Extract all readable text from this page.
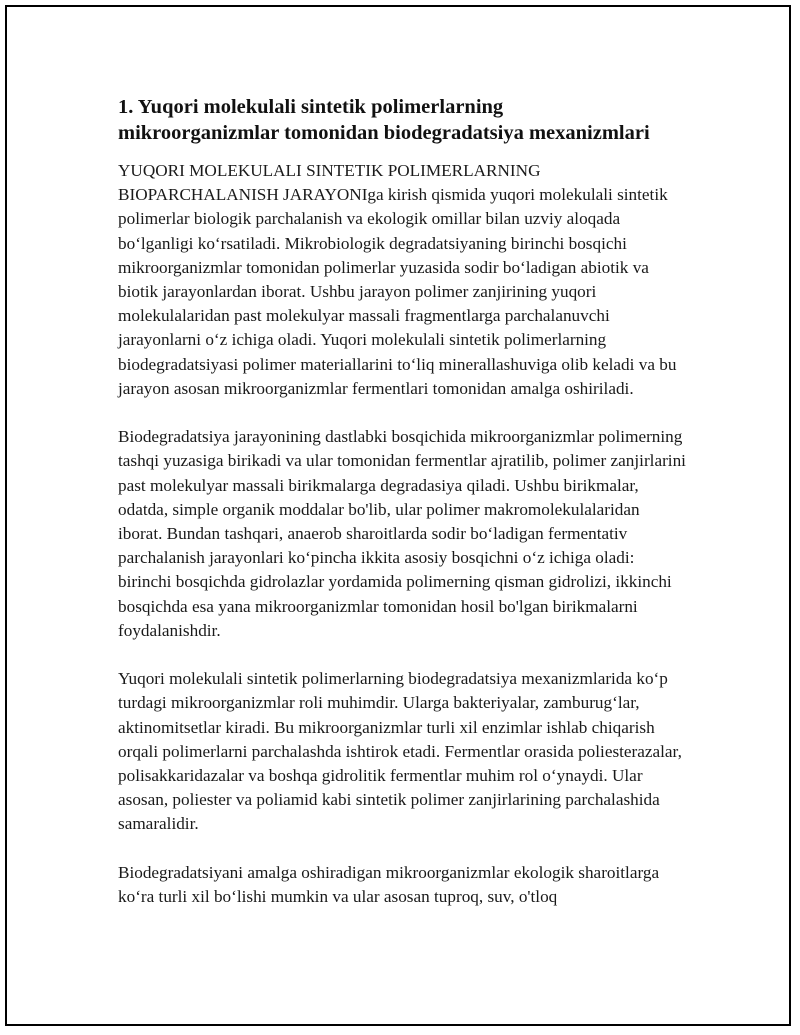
1. Yuqori molekulali sintetik polimerlarning
mikroorganizmlar tomonidan biodegradatsiya mexanizmlari

YUQORI MOLEKULALI SINTETIK POLIMERLARNING BIOPARCHALANISH JARAYONIga kirish qismida yuqori molekulali sintetik polimerlar biologik parchalanish va ekologik omillar bilan uzviy aloqada bo‘lganligi ko‘rsatiladi. Mikrobiologik degradatsiyaning birinchi bosqichi mikroorganizmlar tomonidan polimerlar yuzasida sodir bo‘ladigan abiotik va biotik jarayonlardan iborat. Ushbu jarayon polimer zanjirining yuqori molekulalaridan past molekulyar massali fragmentlarga parchalanuvchi jarayonlarni o‘z ichiga oladi. Yuqori molekulali sintetik polimerlarning biodegradatsiyasi polimer materiallarini to‘liq minerallashuviga olib keladi va bu jarayon asosan mikroorganizmlar fermentlari tomonidan amalga oshiriladi.

Biodegradatsiya jarayonining dastlabki bosqichida mikroorganizmlar polimerning tashqi yuzasiga birikadi va ular tomonidan fermentlar ajratilib, polimer zanjirlarini past molekulyar massali birikmalarga degradasiya qiladi. Ushbu birikmalar, odatda, simple organik moddalar bo'lib, ular polimer makromolekulalaridan iborat. Bundan tashqari, anaerob sharoitlarda sodir bo‘ladigan fermentativ parchalanish jarayonlari ko‘pincha ikkita asosiy bosqichni o‘z ichiga oladi: birinchi bosqichda gidrolazlar yordamida polimerning qisman gidrolizi, ikkinchi bosqichda esa yana mikroorganizmlar tomonidan hosil bo'lgan birikmalarni foydalanishdir.

Yuqori molekulali sintetik polimerlarning biodegradatsiya mexanizmlarida ko‘p turdagi mikroorganizmlar roli muhimdir. Ularga bakteriyalar, zamburug‘lar, aktinomitsetlar kiradi. Bu mikroorganizmlar turli xil enzimlar ishlab chiqarish orqali polimerlarni parchalashda ishtirok etadi. Fermentlar orasida poliesterazalar, polisakkaridazalar va boshqa gidrolitik fermentlar muhim rol o‘ynaydi. Ular asosan, poliester va poliamid kabi sintetik polimer zanjirlarining parchalashida samaralidir.

Biodegradatsiyani amalga oshiradigan mikroorganizmlar ekologik sharoitlarga ko‘ra turli xil bo‘lishi mumkin va ular asosan tuproq, suv, o'tloq
